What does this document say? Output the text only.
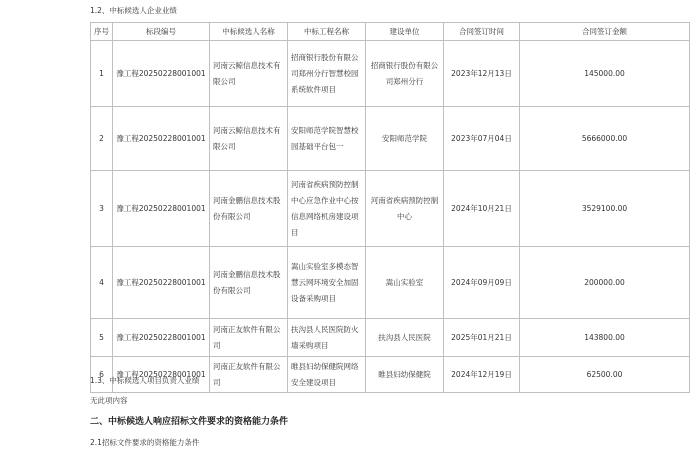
1.2、中标候选人企业业绩
序号	标段编号	中标候选人名称	中标工程名称	建设单位	合同签订时间	合同签订金额
1	豫工程20250228001001	河南云鲸信息技术有限公司	招商银行股份有限公司郑州分行智慧校园系统软件项目	招商银行股份有限公司郑州分行	2023年12月13日	145000.00
2	豫工程20250228001001	河南云鲸信息技术有限公司	安阳师范学院智慧校园基础平台包一	安阳师范学院	2023年07月04日	5666000.00
3	豫工程20250228001001	河南金鹏信息技术股份有限公司	河南省疾病预防控制中心应急作业中心按信息网络机房建设项目	河南省疾病预防控制中心	2024年10月21日	3529100.00
4	豫工程20250228001001	河南金鹏信息技术股份有限公司	嵩山实验室多模态智慧云网环境安全加固设备采购项目	嵩山实验室	2024年09月09日	200000.00
5	豫工程20250228001001	河南正友软件有限公司	扶沟县人民医院防火墙采购项目	扶沟县人民医院	2025年01月21日	143800.00
6	豫工程20250228001001	河南正友软件有限公司	睢县妇幼保健院网络安全建设项目	睢县妇幼保健院	2024年12月19日	62500.00
1.3、中标候选人项目负责人业绩
无此项内容
二、中标候选人响应招标文件要求的资格能力条件
2.1招标文件要求的资格能力条件
